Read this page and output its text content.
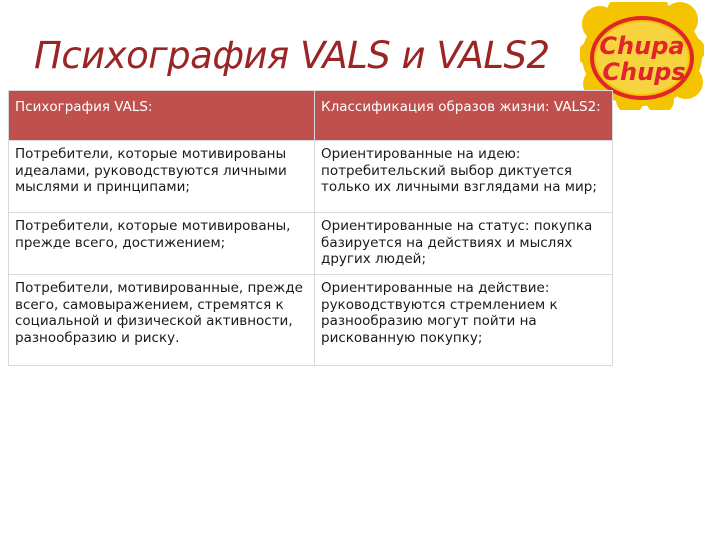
Психография VALS и VALS2 Chupa
Chups
Психография VALS:	Классификация образов жизни: VALS2:
Потребители, которые мотивированы идеалами, руководствуются личными мыслями и принципами;	Ориентированные на идею: потребительский выбор диктуется только их личными взглядами на мир;
Потребители, которые мотивированы, прежде всего, достижением;	Ориентированные на статус: покупка базируется на действиях и мыслях других людей;
Потребители, мотивированные, прежде всего, самовыражением, стремятся к социальной и физической активности, разнообразию и риску.	Ориентированные на действие: руководствуются стремлением к разнообразию могут пойти на рискованную покупку;
